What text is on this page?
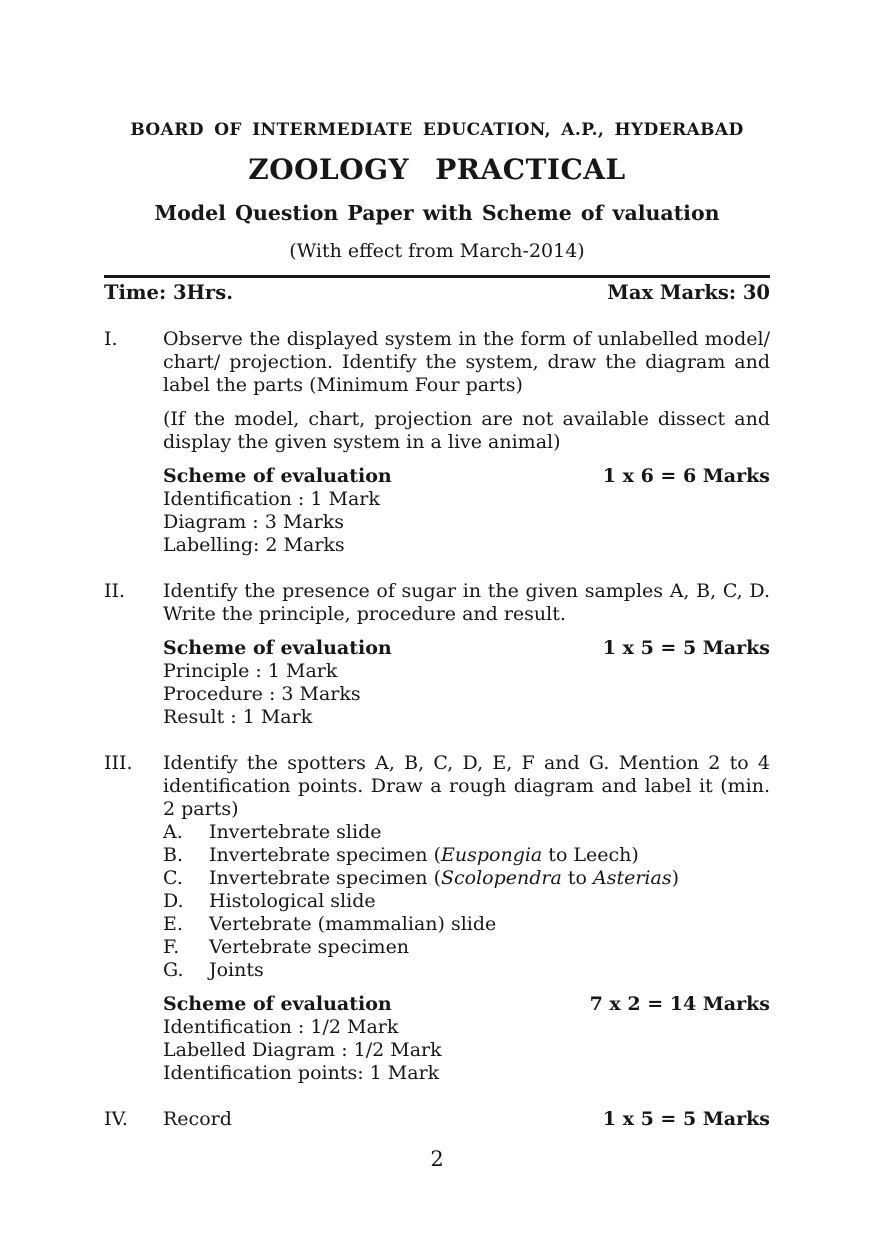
BOARD OF INTERMEDIATE EDUCATION, A.P., HYDERABAD
ZOOLOGY PRACTICAL
Model Question Paper with Scheme of valuation
(With effect from March-2014)
Time: 3Hrs.	Max Marks: 30
I.	Observe the displayed system in the form of unlabelled model/ chart/ projection. Identify the system, draw the diagram and label the parts (Minimum Four parts)

(If the model, chart, projection are not available dissect and display the given system in a live animal)

Scheme of evaluation	1 x 6 = 6 Marks
Identification : 1 Mark
Diagram : 3 Marks
Labelling: 2 Marks
II.	Identify the presence of sugar in the given samples A, B, C, D. Write the principle, procedure and result.

Scheme of evaluation	1 x 5 = 5 Marks
Principle : 1 Mark
Procedure : 3 Marks
Result : 1 Mark
III.	Identify the spotters A, B, C, D, E, F and G. Mention 2 to 4 identification points. Draw a rough diagram and label it (min. 2 parts)

A.	Invertebrate slide
B.	Invertebrate specimen (Euspongia to Leech)
C.	Invertebrate specimen (Scolopendra to Asterias)
D.	Histological slide
E.	Vertebrate (mammalian) slide
F.	Vertebrate specimen
G.	Joints
Scheme of evaluation	7 x 2 = 14 Marks
Identification : 1/2 Mark
Labelled Diagram : 1/2 Mark
Identification points: 1 Mark
IV.	Record	1 x 5 = 5 Marks
2
